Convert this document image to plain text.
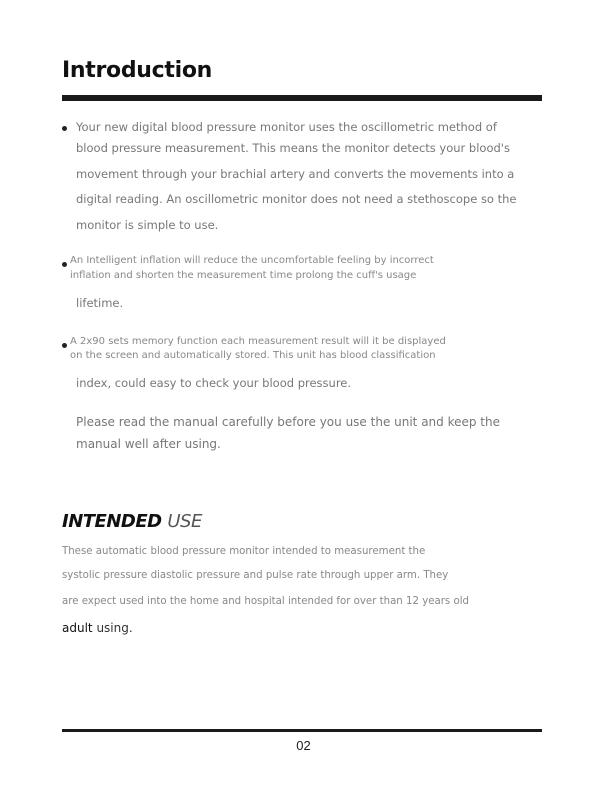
Introduction
Your new digital blood pressure monitor uses the oscillometric method of
blood pressure measurement. This means the monitor detects your blood's
movement through your brachial artery and converts the movements into a
digital reading. An oscillometric monitor does not need a stethoscope so the
monitor is simple to use.
An Intelligent inflation will reduce the uncomfortable feeling by incorrect
inflation and shorten the measurement time prolong the cuff's usage
lifetime.
A 2x90 sets memory function each measurement result will it be displayed
on the screen and automatically stored. This unit has blood classification
index, could easy to check your blood pressure.
Please read the manual carefully before you use the unit and keep the
manual well after using.
INTENDED USE
These automatic blood pressure monitor intended to measurement the
systolic pressure diastolic pressure and pulse rate through upper arm. They
are expect used into the home and hospital intended for over than 12 years old
adult using.
02
